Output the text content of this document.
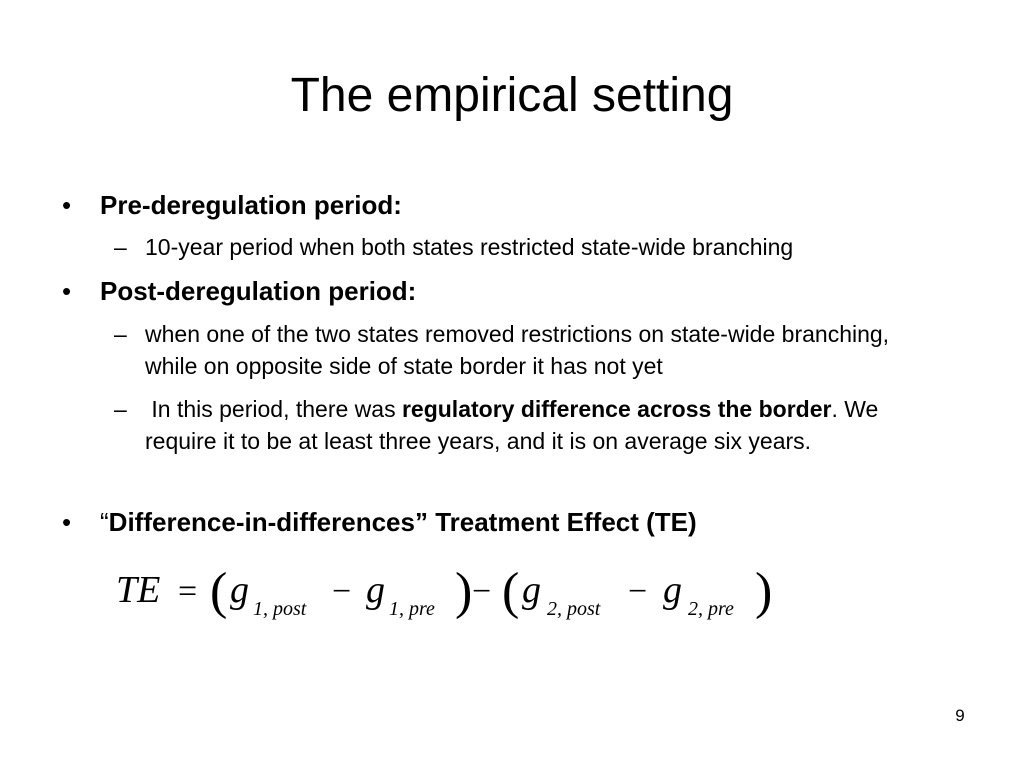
The empirical setting
•	Pre-deregulation period:
– 10-year period when both states restricted state-wide branching
•	Post-deregulation period:
– when one of the two states removed restrictions on state-wide branching, while on opposite side of state border it has not yet
– In this period, there was regulatory difference across the border. We require it to be at least three years, and it is on average six years.
•	“Difference-in-differences” Treatment Effect (TE)
TE = ( g 1, post − g 1, pre ) − ( g 2, post − g 2, pre )
9
